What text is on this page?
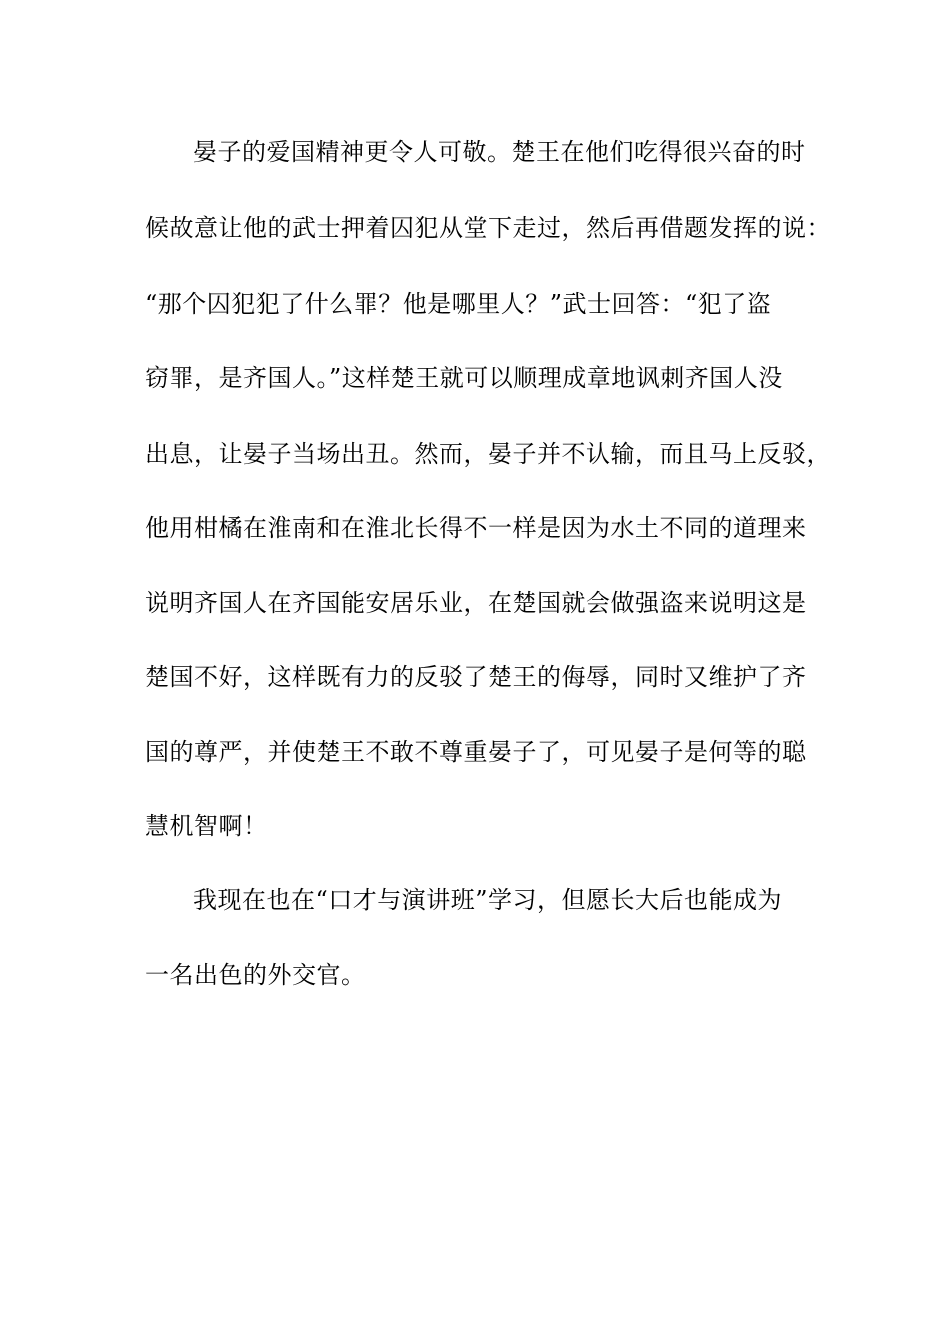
晏子的爱国精神更令人可敬。楚王在他们吃得很兴奋的时
候故意让他的武士押着囚犯从堂下走过，然后再借题发挥的说：
“那个囚犯犯了什么罪？他是哪里人？”武士回答：“犯了盗
窃罪，是齐国人。”这样楚王就可以顺理成章地讽刺齐国人没
出息，让晏子当场出丑。然而，晏子并不认输，而且马上反驳，
他用柑橘在淮南和在淮北长得不一样是因为水土不同的道理来
说明齐国人在齐国能安居乐业，在楚国就会做强盗来说明这是
楚国不好，这样既有力的反驳了楚王的侮辱，同时又维护了齐
国的尊严，并使楚王不敢不尊重晏子了，可见晏子是何等的聪
慧机智啊！
我现在也在“口才与演讲班”学习，但愿长大后也能成为
一名出色的外交官。
